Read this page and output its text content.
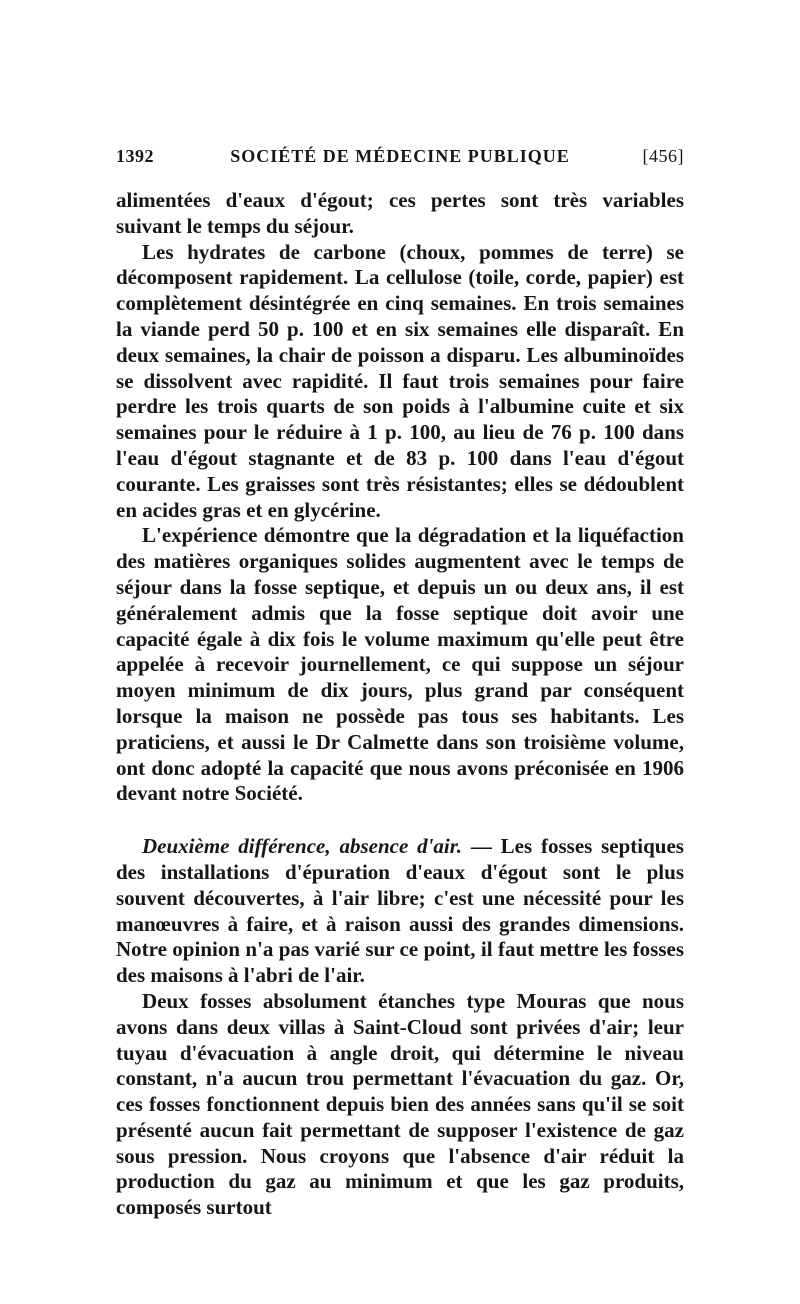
1392	SOCIÉTÉ DE MÉDECINE PUBLIQUE	[456]

alimentées d'eaux d'égout; ces pertes sont très variables suivant le temps du séjour.

Les hydrates de carbone (choux, pommes de terre) se décomposent rapidement. La cellulose (toile, corde, papier) est complètement désintégrée en cinq semaines. En trois semaines la viande perd 50 p. 100 et en six semaines elle disparaît. En deux semaines, la chair de poisson a disparu. Les albuminoïdes se dissolvent avec rapidité. Il faut trois semaines pour faire perdre les trois quarts de son poids à l'albumine cuite et six semaines pour le réduire à 1 p. 100, au lieu de 76 p. 100 dans l'eau d'égout stagnante et de 83 p. 100 dans l'eau d'égout courante. Les graisses sont très résistantes; elles se dédoublent en acides gras et en glycérine.

L'expérience démontre que la dégradation et la liquéfaction des matières organiques solides augmentent avec le temps de séjour dans la fosse septique, et depuis un ou deux ans, il est généralement admis que la fosse septique doit avoir une capacité égale à dix fois le volume maximum qu'elle peut être appelée à recevoir journellement, ce qui suppose un séjour moyen minimum de dix jours, plus grand par conséquent lorsque la maison ne possède pas tous ses habitants. Les praticiens, et aussi le Dr Calmette dans son troisième volume, ont donc adopté la capacité que nous avons préconisée en 1906 devant notre Société.

Deuxième différence, absence d'air. — Les fosses septiques des installations d'épuration d'eaux d'égout sont le plus souvent découvertes, à l'air libre; c'est une nécessité pour les manœuvres à faire, et à raison aussi des grandes dimensions. Notre opinion n'a pas varié sur ce point, il faut mettre les fosses des maisons à l'abri de l'air.

Deux fosses absolument étanches type Mouras que nous avons dans deux villas à Saint-Cloud sont privées d'air; leur tuyau d'évacuation à angle droit, qui détermine le niveau constant, n'a aucun trou permettant l'évacuation du gaz. Or, ces fosses fonctionnent depuis bien des années sans qu'il se soit présenté aucun fait permettant de supposer l'existence de gaz sous pression. Nous croyons que l'absence d'air réduit la production du gaz au minimum et que les gaz produits, composés surtout
